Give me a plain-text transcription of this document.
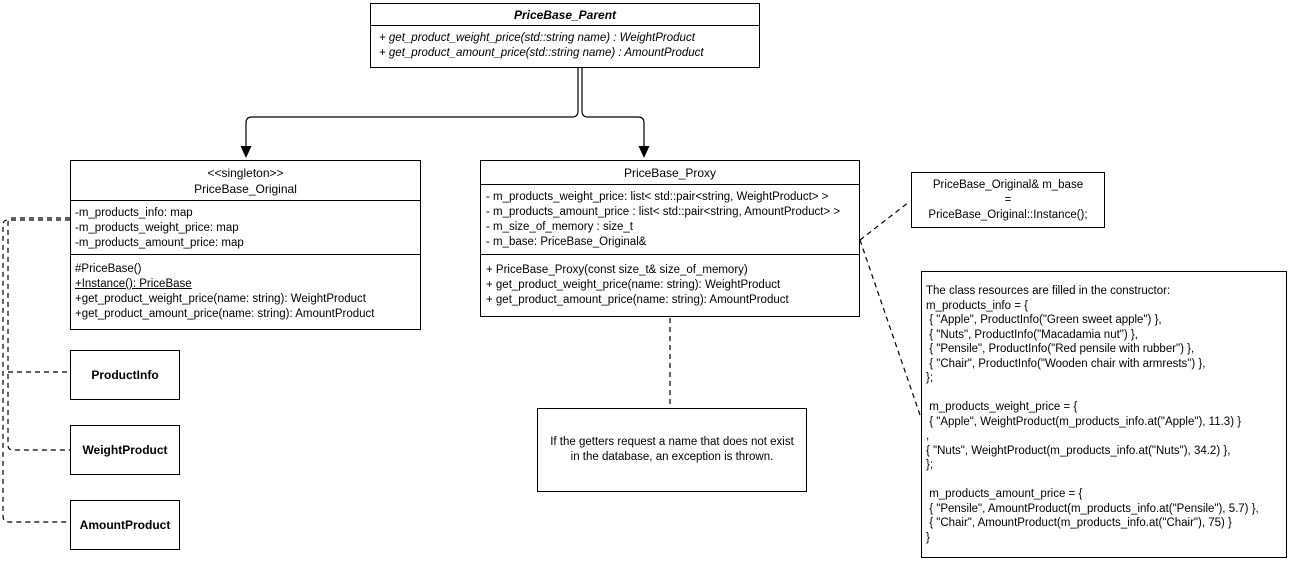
PriceBase_Parent
+ get_product_weight_price(std::string name) : WeightProduct
+ get_product_amount_price(std::string name) : AmountProduct
<<singleton>>
PriceBase_Original
-m_products_info: map
-m_products_weight_price: map
-m_products_amount_price: map
#PriceBase()
+Instance(): PriceBase
+get_product_weight_price(name: string): WeightProduct
+get_product_amount_price(name: string): AmountProduct
PriceBase_Proxy
- m_products_weight_price: list< std::pair<string, WeightProduct> >
- m_products_amount_price : list< std::pair<string, AmountProduct> >
- m_size_of_memory : size_t
- m_base: PriceBase_Original&
+ PriceBase_Proxy(const size_t& size_of_memory)
+ get_product_weight_price(name: string): WeightProduct
+ get_product_amount_price(name: string): AmountProduct
ProductInfo
WeightProduct
AmountProduct
PriceBase_Original& m_base
=
PriceBase_Original::Instance();
If the getters request a name that does not exist
in the database, an exception is thrown.
The class resources are filled in the constructor:
m_products_info = {
{ "Apple", ProductInfo("Green sweet apple") },
{ "Nuts", ProductInfo("Macadamia nut") },
{ "Pensile", ProductInfo("Red pensile with rubber") },
{ "Chair", ProductInfo("Wooden chair with armrests") },
};
m_products_weight_price = {
{ "Apple", WeightProduct(m_products_info.at("Apple"), 11.3) }
,
{ "Nuts", WeightProduct(m_products_info.at("Nuts"), 34.2) },
};
m_products_amount_price = {
{ "Pensile", AmountProduct(m_products_info.at("Pensile"), 5.7) },
{ "Chair", AmountProduct(m_products_info.at("Chair"), 75) }
}
